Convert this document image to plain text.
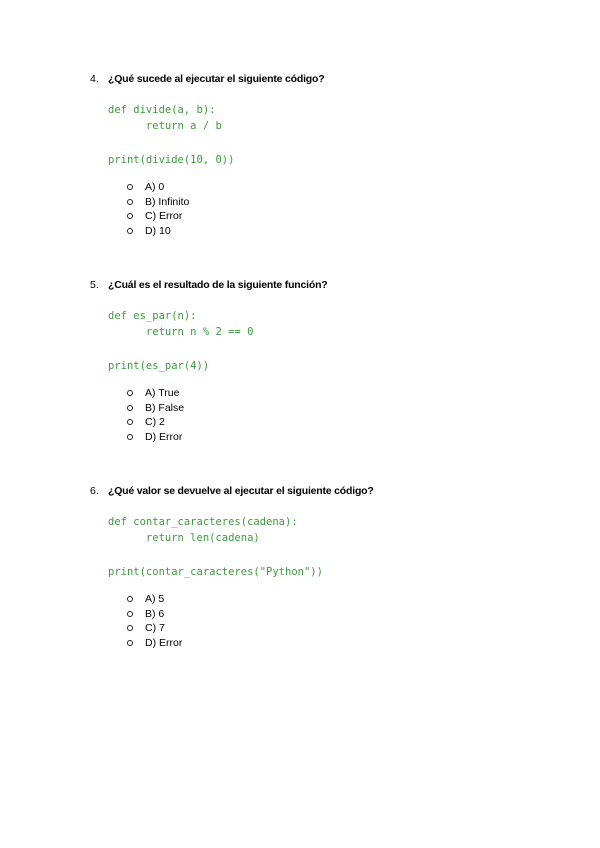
4. ¿Qué sucede al ejecutar el siguiente código?
def divide(a, b):
return a / b
print(divide(10, 0))
A) 0
B) Infinito
C) Error
D) 10
5. ¿Cuál es el resultado de la siguiente función?
def es_par(n):
return n % 2 == 0
print(es_par(4))
A) True
B) False
C) 2
D) Error
6. ¿Qué valor se devuelve al ejecutar el siguiente código?
def contar_caracteres(cadena):
return len(cadena)
print(contar_caracteres("Python"))
A) 5
B) 6
C) 7
D) Error
